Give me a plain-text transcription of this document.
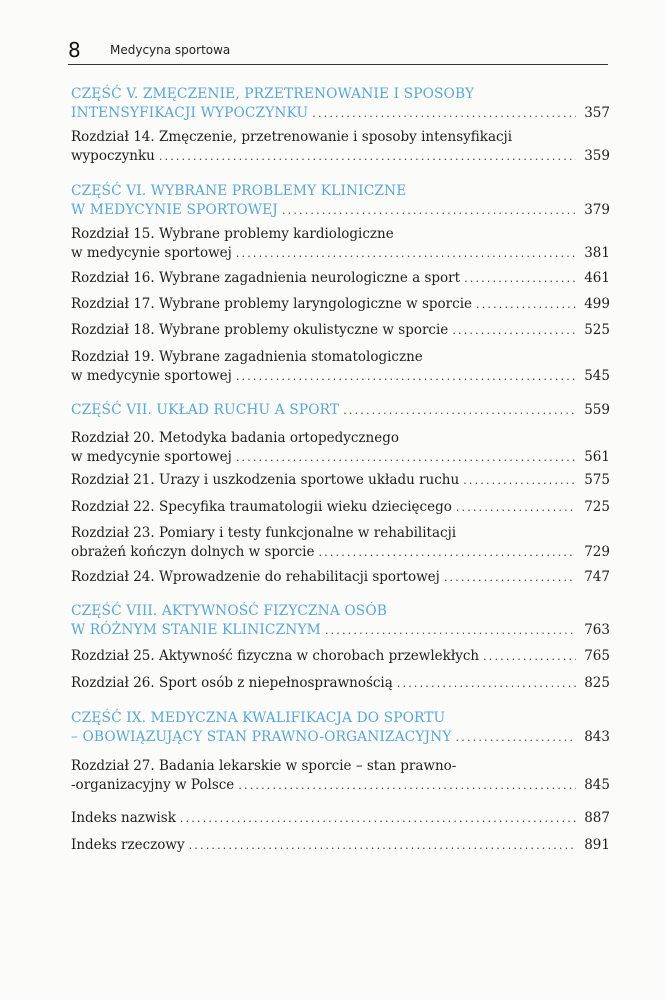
8 Medycyna sportowa
CZĘŚĆ V. ZMĘCZENIE, PRZETRENOWANIE I SPOSOBY
INTENSYFIKACJI WYPOCZYNKU .....	357
Rozdział 14. Zmęczenie, przetrenowanie i sposoby intensyfikacji
wypoczynku .....	359
CZĘŚĆ VI. WYBRANE PROBLEMY KLINICZNE
W MEDYCYNIE SPORTOWEJ .....	379
Rozdział 15. Wybrane problemy kardiologiczne
w medycynie sportowej .....	381
Rozdział 16. Wybrane zagadnienia neurologiczne a sport .....	461
Rozdział 17. Wybrane problemy laryngologiczne w sporcie .....	499
Rozdział 18. Wybrane problemy okulistyczne w sporcie .....	525
Rozdział 19. Wybrane zagadnienia stomatologiczne
w medycynie sportowej .....	545
CZĘŚĆ VII. UKŁAD RUCHU A SPORT .....	559
Rozdział 20. Metodyka badania ortopedycznego
w medycynie sportowej .....	561
Rozdział 21. Urazy i uszkodzenia sportowe układu ruchu .....	575
Rozdział 22. Specyfika traumatologii wieku dziecięcego .....	725
Rozdział 23. Pomiary i testy funkcjonalne w rehabilitacji
obrażeń kończyn dolnych w sporcie .....	729
Rozdział 24. Wprowadzenie do rehabilitacji sportowej .....	747
CZĘŚĆ VIII. AKTYWNOŚĆ FIZYCZNA OSÓB
W RÓŻNYM STANIE KLINICZNYM .....	763
Rozdział 25. Aktywność fizyczna w chorobach przewlekłych .....	765
Rozdział 26. Sport osób z niepełnosprawnością .....	825
CZĘŚĆ IX. MEDYCZNA KWALIFIKACJA DO SPORTU
– OBOWIĄZUJĄCY STAN PRAWNO-ORGANIZACYJNY .....	843
Rozdział 27. Badania lekarskie w sporcie – stan prawno-
-organizacyjny w Polsce .....	845
Indeks nazwisk .....	887
Indeks rzeczowy .....	891
